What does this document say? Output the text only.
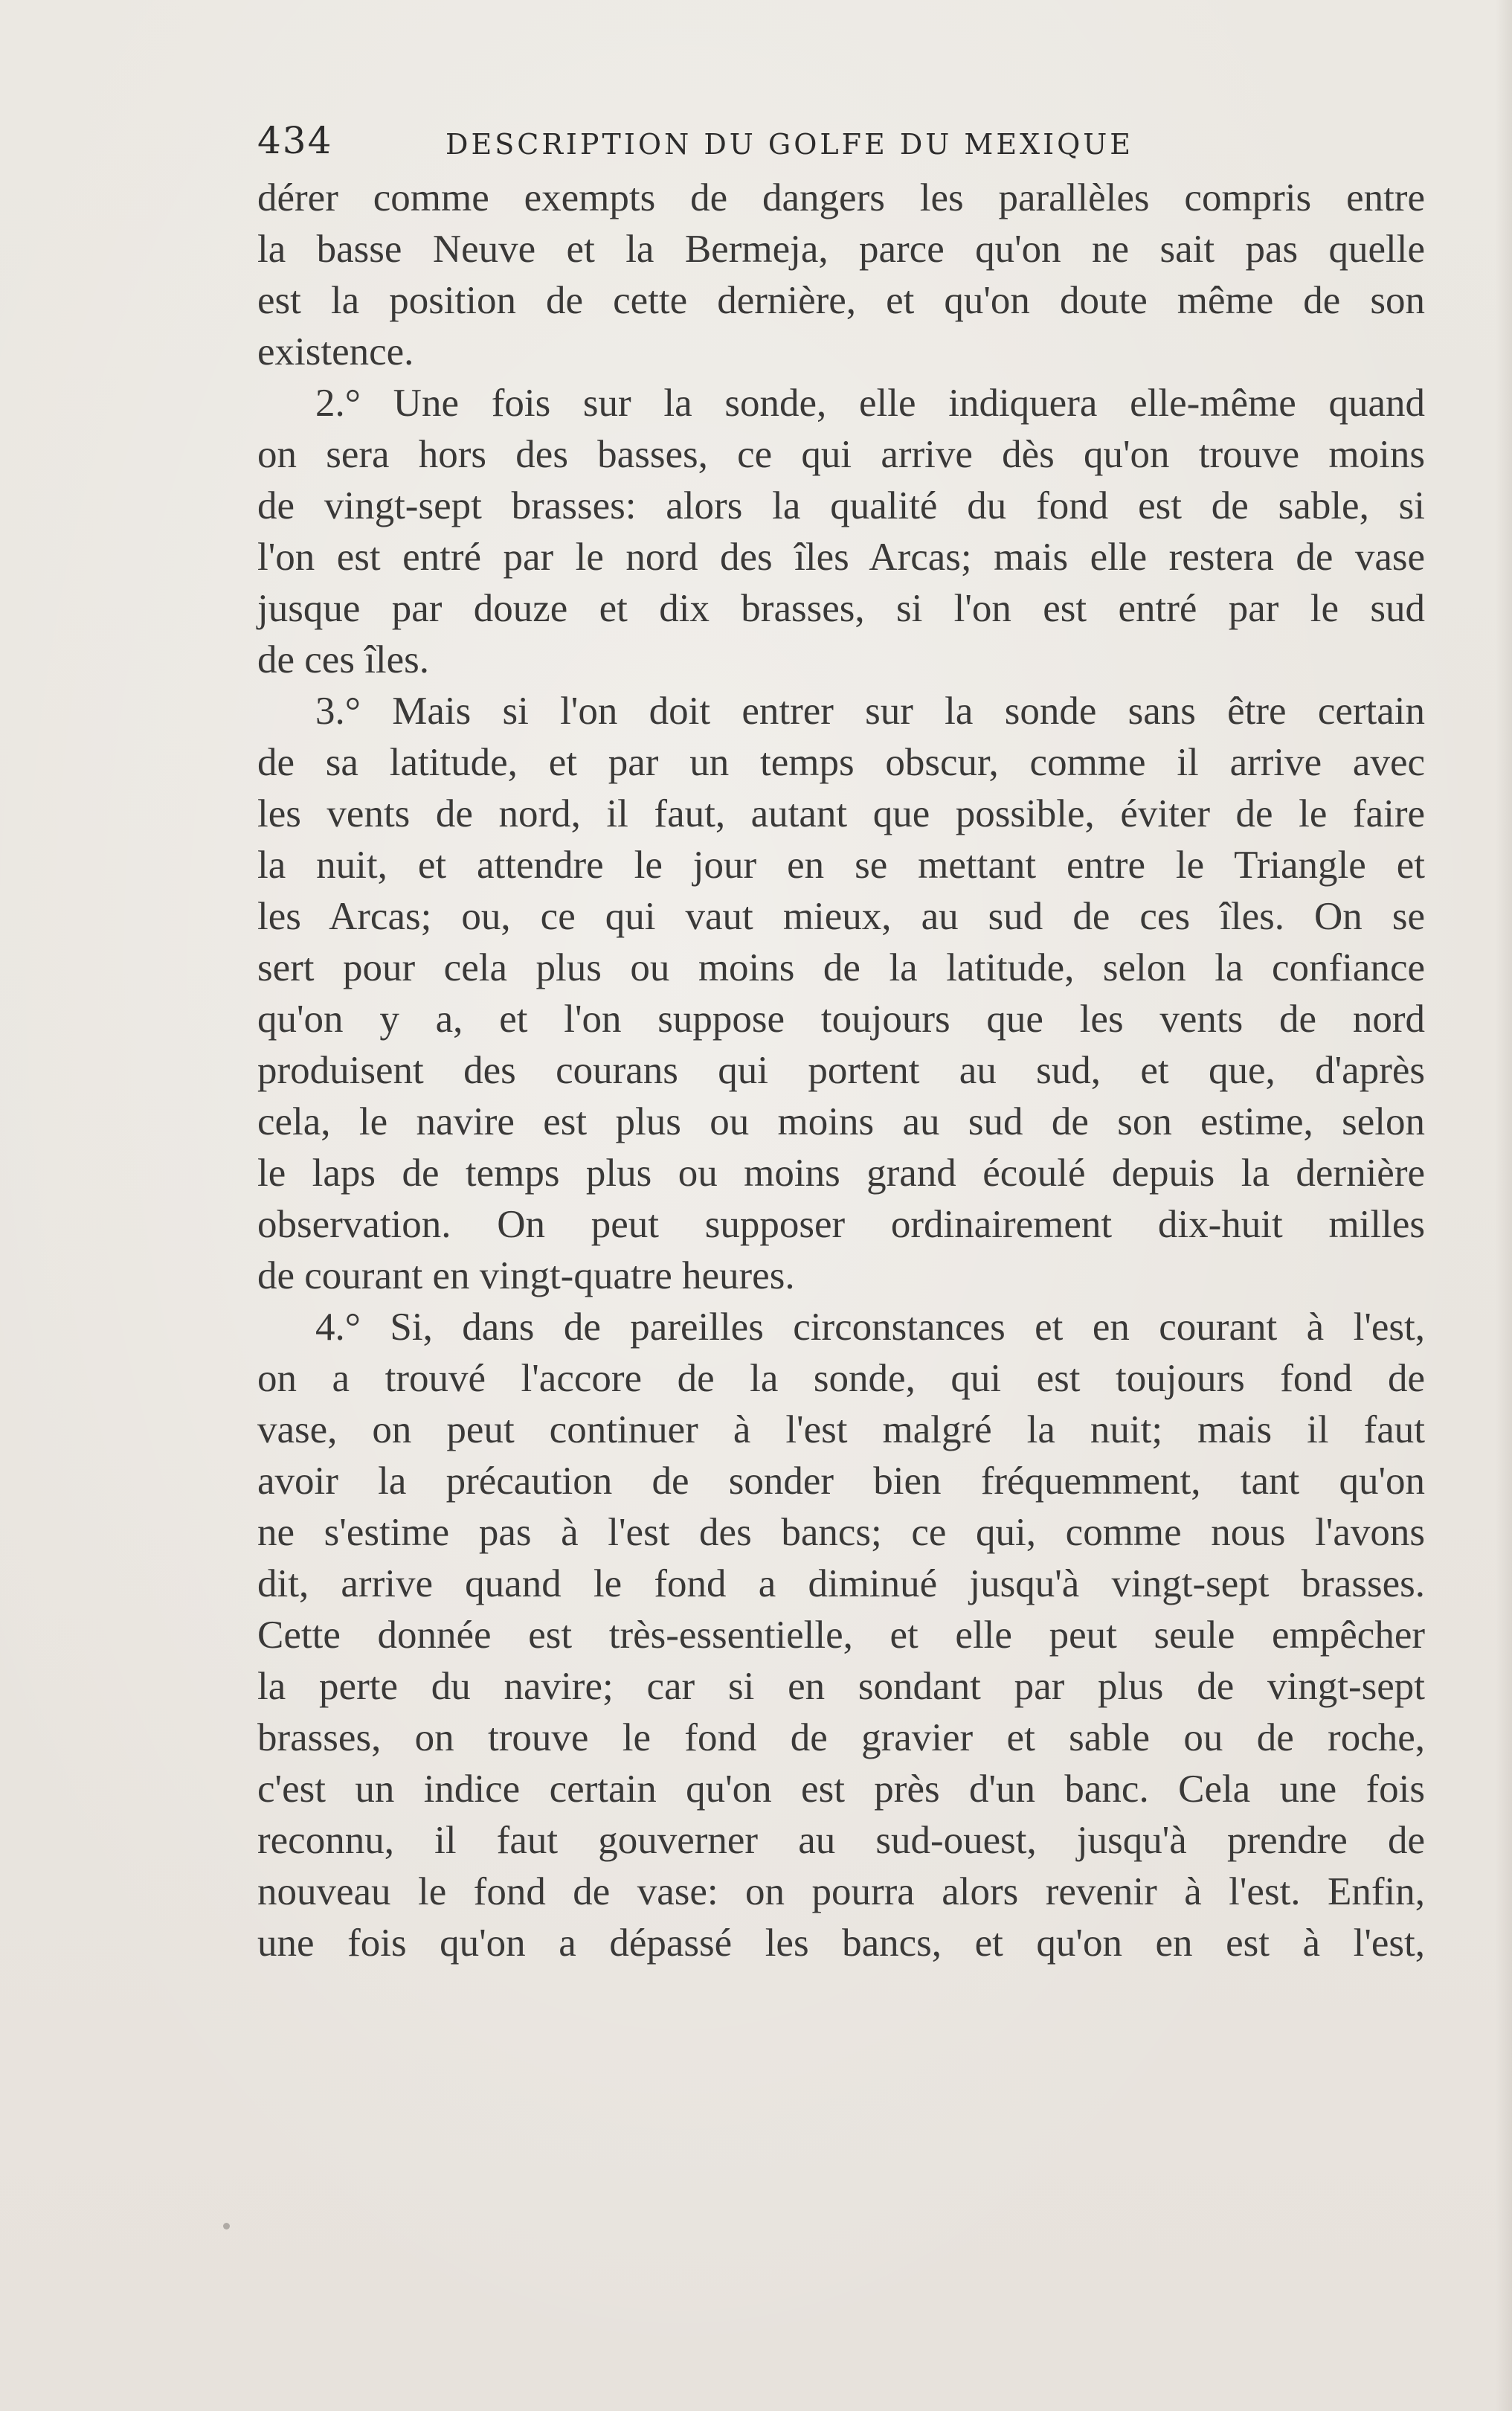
434	DESCRIPTION DU GOLFE DU MEXIQUE
dérer comme exempts de dangers les parallèles compris entre
la basse Neuve et la Bermeja, parce qu'on ne sait pas quelle
est la position de cette dernière, et qu'on doute même de son
existence.
2.° Une fois sur la sonde, elle indiquera elle-même quand
on sera hors des basses, ce qui arrive dès qu'on trouve moins
de vingt-sept brasses: alors la qualité du fond est de sable, si
l'on est entré par le nord des îles Arcas; mais elle restera de vase
jusque par douze et dix brasses, si l'on est entré par le sud
de ces îles.
3.° Mais si l'on doit entrer sur la sonde sans être certain
de sa latitude, et par un temps obscur, comme il arrive avec
les vents de nord, il faut, autant que possible, éviter de le faire
la nuit, et attendre le jour en se mettant entre le Triangle et
les Arcas; ou, ce qui vaut mieux, au sud de ces îles. On se
sert pour cela plus ou moins de la latitude, selon la confiance
qu'on y a, et l'on suppose toujours que les vents de nord
produisent des courans qui portent au sud, et que, d'après
cela, le navire est plus ou moins au sud de son estime, selon
le laps de temps plus ou moins grand écoulé depuis la dernière
observation. On peut supposer ordinairement dix-huit milles
de courant en vingt-quatre heures.
4.° Si, dans de pareilles circonstances et en courant à l'est,
on a trouvé l'accore de la sonde, qui est toujours fond de
vase, on peut continuer à l'est malgré la nuit; mais il faut
avoir la précaution de sonder bien fréquemment, tant qu'on
ne s'estime pas à l'est des bancs; ce qui, comme nous l'avons
dit, arrive quand le fond a diminué jusqu'à vingt-sept brasses.
Cette donnée est très-essentielle, et elle peut seule empêcher
la perte du navire; car si en sondant par plus de vingt-sept
brasses, on trouve le fond de gravier et sable ou de roche,
c'est un indice certain qu'on est près d'un banc. Cela une fois
reconnu, il faut gouverner au sud-ouest, jusqu'à prendre de
nouveau le fond de vase: on pourra alors revenir à l'est. Enfin,
une fois qu'on a dépassé les bancs, et qu'on en est à l'est,
